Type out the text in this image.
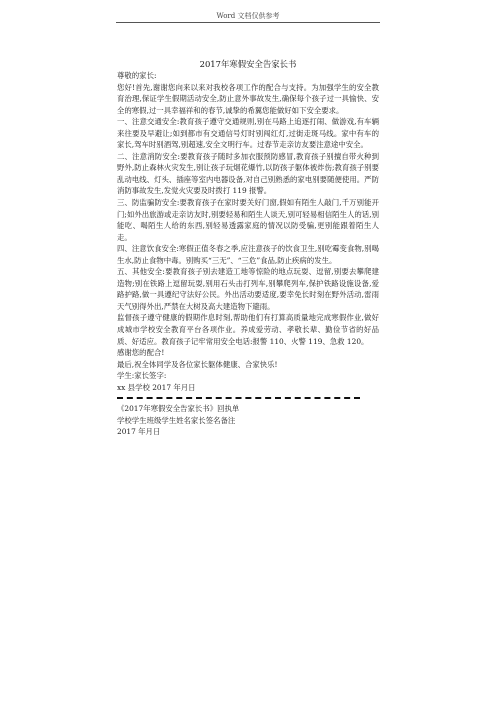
Word 文档仅供参考
2017年寒假安全告家长书

尊敬的家长:

您好!首先,谢谢您向来以来对我校各项工作的配合与支持。为加强学生的安全教育治理,保证学生假期活动安全,防止意外事故发生,确保每个孩子过一具愉快、安全的寒假,过一具幸福祥和的春节,诚挚的希翼您能做好如下安全要求。

一、注意交通安全:教育孩子遵守交通规则,别在马路上追逐打闹、做游戏,有车辆来往要及早避让;如到都市有交通信号灯时别闯红灯,过街走斑马线。家中有车的家长,驾车时别酒驾,别超速,安全文明行车。过春节走亲访友要注意途中安全。

二、注意消防安全:要教育孩子随时多加衣服预防感冒,教育孩子别擅自带火种到野外,防止森林火灾发生,别让孩子玩烟花爆竹,以防孩子躯体被炸伤;教育孩子别要乱动电线、灯头、插座等室内电器设备,对自己别熟悉的家电别要随便使用。严防消防事故发生,发觉火灾要及时拨打 119 报警。

三、防监骗防安全:要教育孩子在家时要关好门窗,假如有陌生人敲门,千万别能开门;如外出旅游或走亲访友时,别要轻易和陌生人谈天,别可轻易相信陌生人的话,别能吃、喝陌生人给的东西,别轻易透露家庭的情况以防受骗,更别能跟着陌生人走。

四、注意饮食安全:寒假正值冬春之季,应注意孩子的饮食卫生,别吃霉变食物,别喝生水,防止食物中毒。别购买“三无”、“三危”食品,防止疾病的发生。

五、其他安全:要教育孩子别去建造工地等惊险的地点玩耍、逗留,别要去攀爬建造物;别在铁路上逗留玩耍,别用石头击打列车,别攀爬列车,保护铁路设施设备,爱路护路,做一具遵纪守法好公民。外出活动要适度,要幸免长时刻在野外活动,雷雨天气别得外出,严禁在大树及高大建造物下避雨。

监督孩子遵守健康的假期作息时刻,帮助他们有打算高质量地完成寒假作业,做好成城市学校安全教育平台各项作业。养成爱劳动、孝敬长辈、勤俭节省的好品质、好适应。教育孩子记牢常用安全电话:报警 110、火警 119、急救 120。

感谢您的配合!

最后,祝全体同学及各位家长躯体健康、合家快乐!

学生:家长签字:

xx 县学校 2017 年月日

《2017年寒假安全告家长书》回执单

学校学生班级学生姓名家长签名备注

2017 年月日
